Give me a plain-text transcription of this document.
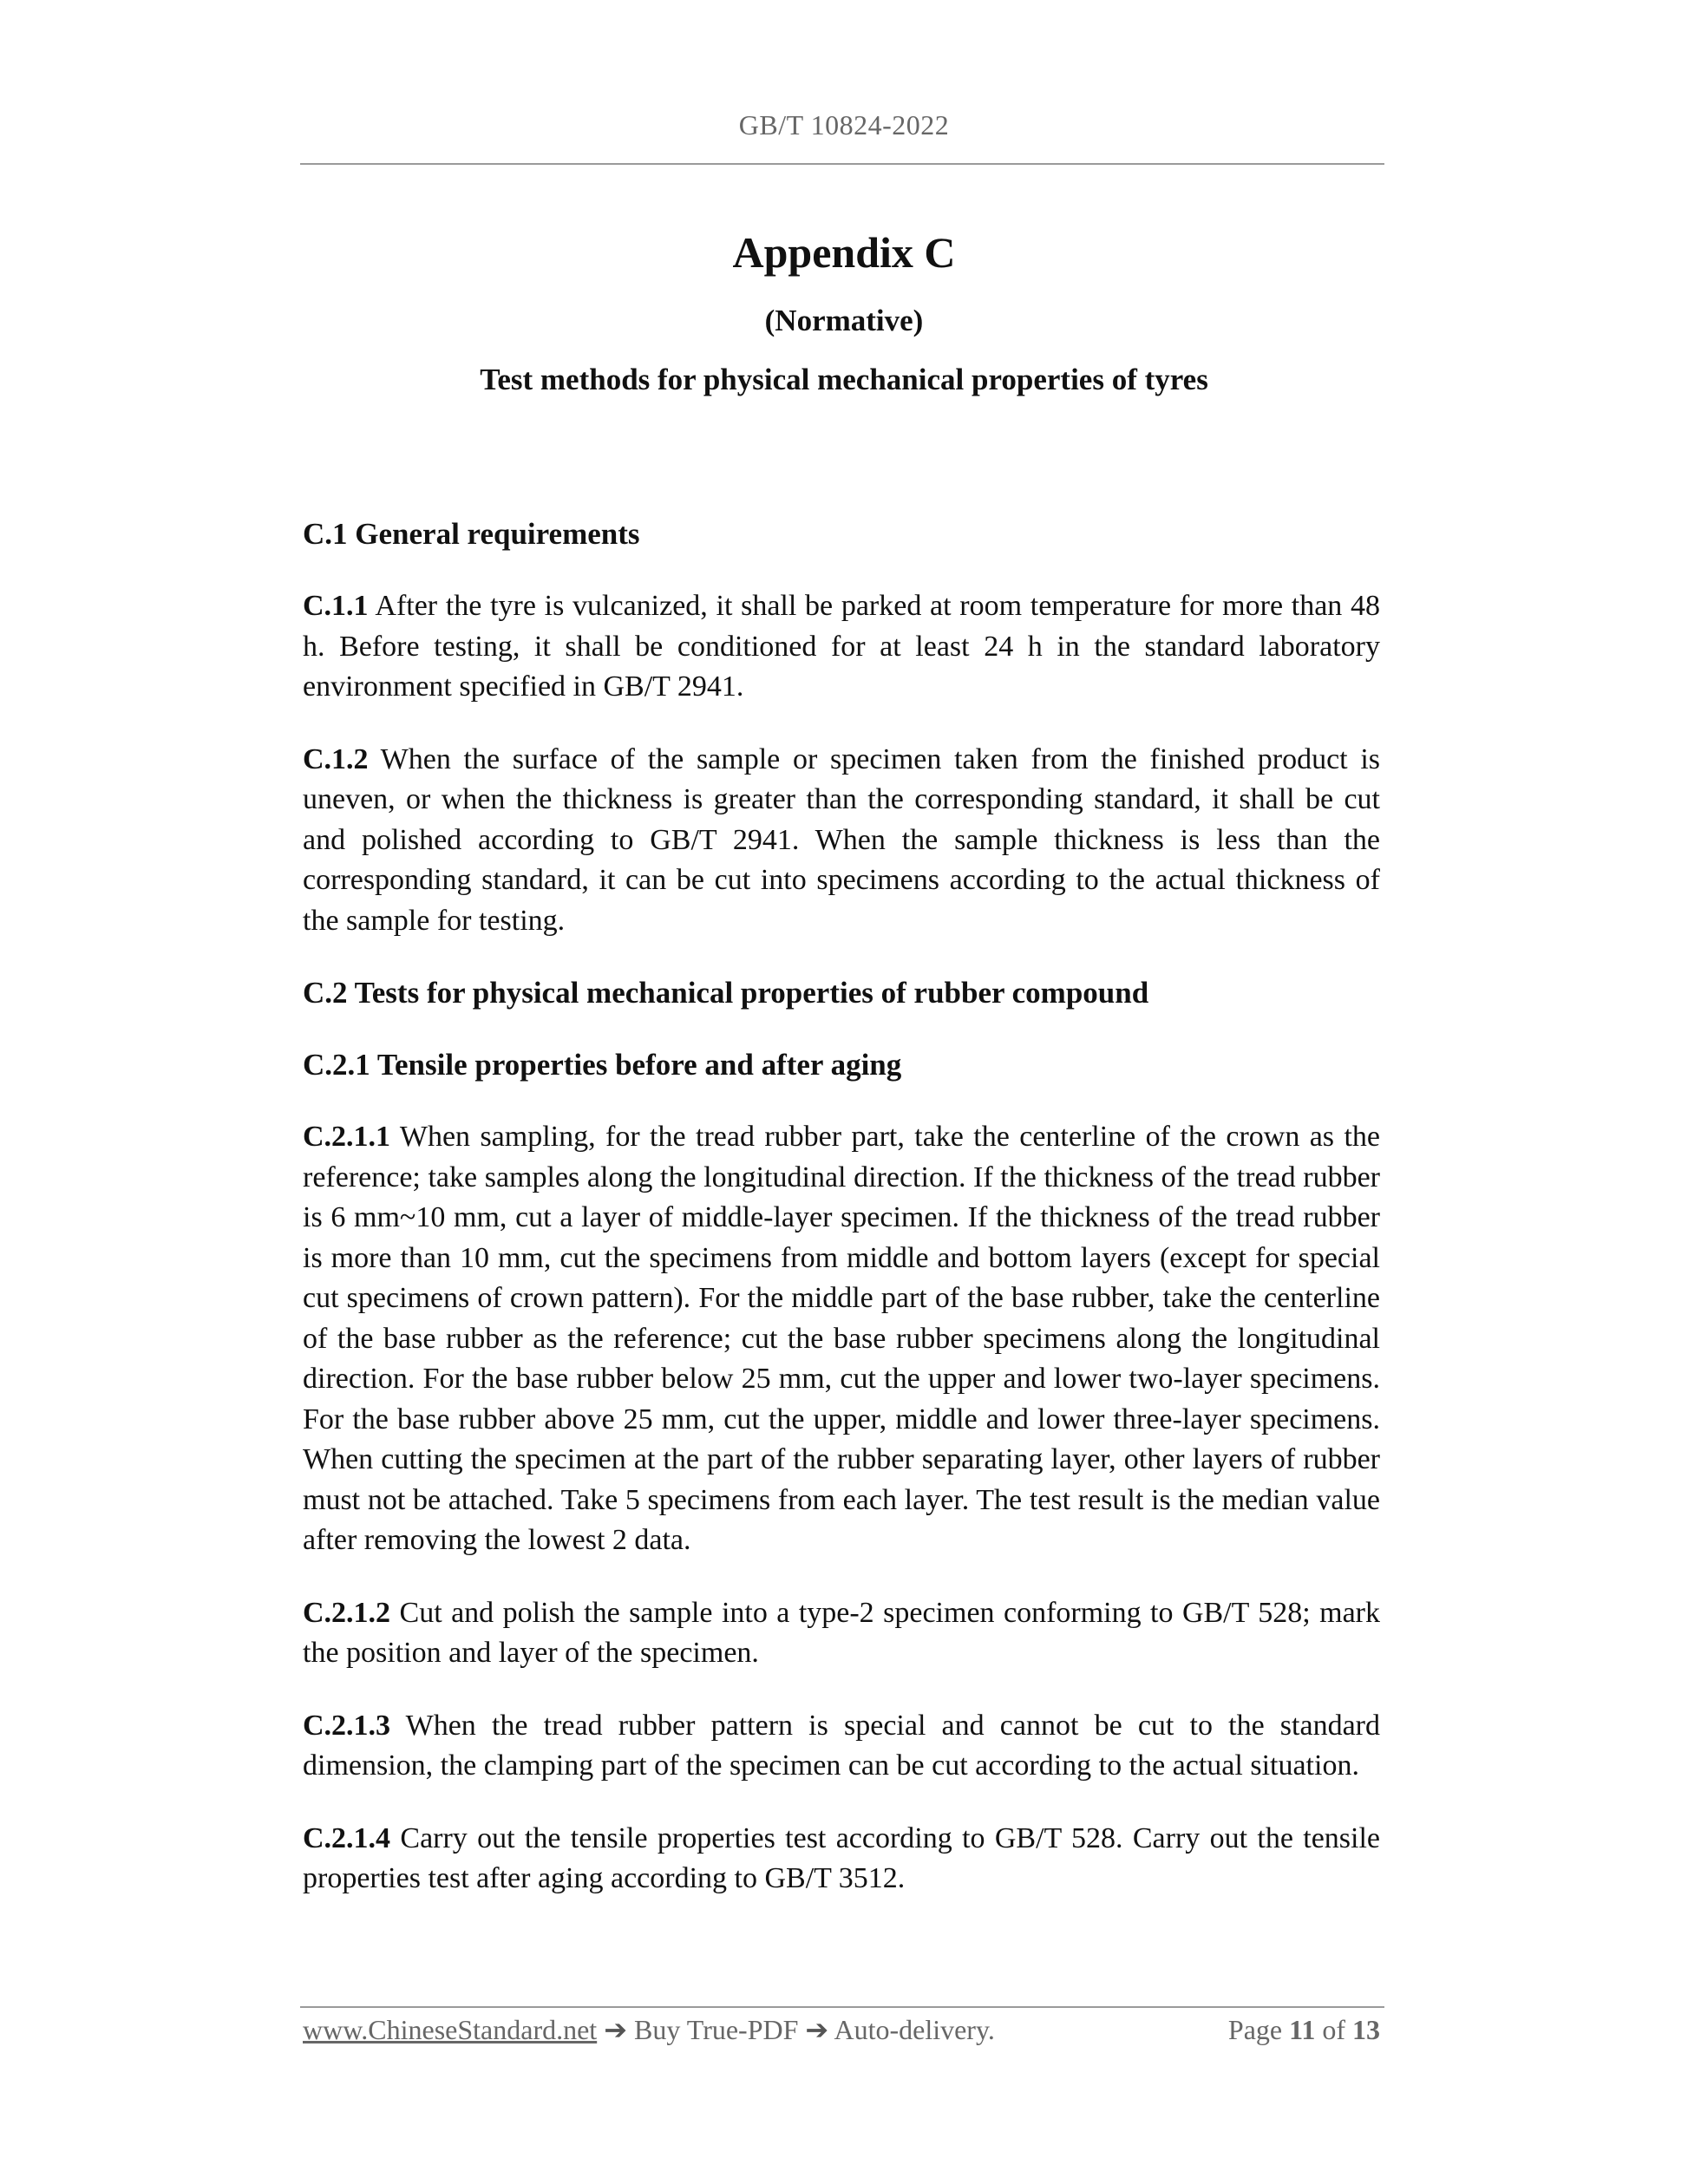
GB/T 10824-2022
Appendix C
(Normative)
Test methods for physical mechanical properties of tyres
C.1 General requirements

C.1.1 After the tyre is vulcanized, it shall be parked at room temperature for more than 48 h. Before testing, it shall be conditioned for at least 24 h in the standard laboratory environment specified in GB/T 2941.

C.1.2 When the surface of the sample or specimen taken from the finished product is uneven, or when the thickness is greater than the corresponding standard, it shall be cut and polished according to GB/T 2941. When the sample thickness is less than the corresponding standard, it can be cut into specimens according to the actual thickness of the sample for testing.

C.2 Tests for physical mechanical properties of rubber compound
C.2.1 Tensile properties before and after aging

C.2.1.1 When sampling, for the tread rubber part, take the centerline of the crown as the reference; take samples along the longitudinal direction. If the thickness of the tread rubber is 6 mm~10 mm, cut a layer of middle-layer specimen. If the thickness of the tread rubber is more than 10 mm, cut the specimens from middle and bottom layers (except for special cut specimens of crown pattern). For the middle part of the base rubber, take the centerline of the base rubber as the reference; cut the base rubber specimens along the longitudinal direction. For the base rubber below 25 mm, cut the upper and lower two-layer specimens. For the base rubber above 25 mm, cut the upper, middle and lower three-layer specimens. When cutting the specimen at the part of the rubber separating layer, other layers of rubber must not be attached. Take 5 specimens from each layer. The test result is the median value after removing the lowest 2 data.

C.2.1.2 Cut and polish the sample into a type-2 specimen conforming to GB/T 528; mark the position and layer of the specimen.

C.2.1.3 When the tread rubber pattern is special and cannot be cut to the standard dimension, the clamping part of the specimen can be cut according to the actual situation.

C.2.1.4 Carry out the tensile properties test according to GB/T 528. Carry out the tensile properties test after aging according to GB/T 3512.

www.ChineseStandard.net ➔ Buy True-PDF ➔ Auto-delivery.	Page 11 of 13
